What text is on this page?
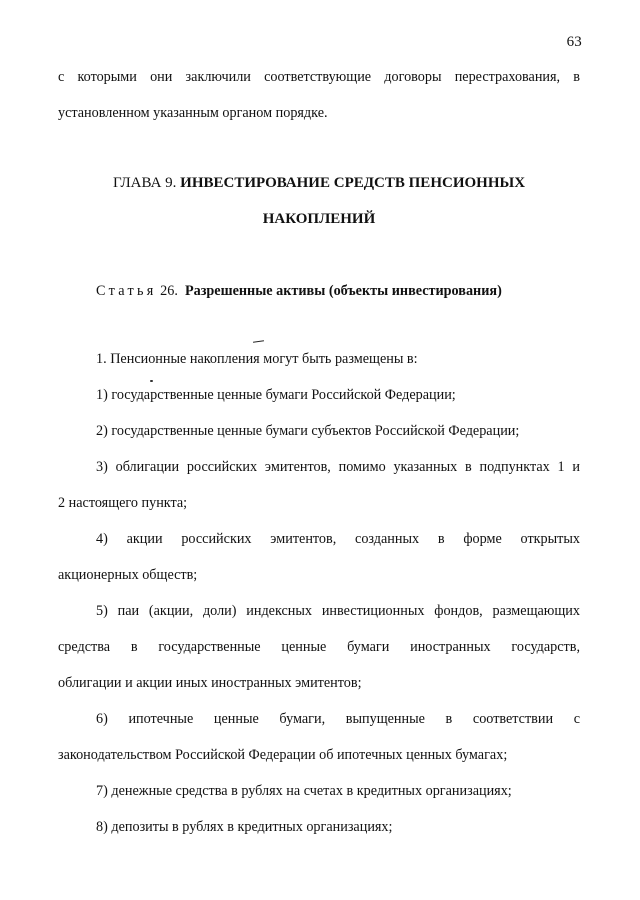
63
с которыми они заключили соответствующие договоры перестрахования, в
установленном указанным органом порядке.
ГЛАВА 9. ИНВЕСТИРОВАНИЕ СРЕДСТВ ПЕНСИОННЫХ
НАКОПЛЕНИЙ
Статья 26. Разрешенные активы (объекты инвестирования)
1. Пенсионные накопления могут быть размещены в:
1) государственные ценные бумаги Российской Федерации;
2) государственные ценные бумаги субъектов Российской Федерации;
3) облигации российских эмитентов, помимо указанных в подпунктах 1 и
2 настоящего пункта;
4) акции российских эмитентов, созданных в форме открытых
акционерных обществ;
5) паи (акции, доли) индексных инвестиционных фондов, размещающих
средства в государственные ценные бумаги иностранных государств,
облигации и акции иных иностранных эмитентов;
6) ипотечные ценные бумаги, выпущенные в соответствии с
законодательством Российской Федерации об ипотечных ценных бумагах;
7) денежные средства в рублях на счетах в кредитных организациях;
8) депозиты в рублях в кредитных организациях;
